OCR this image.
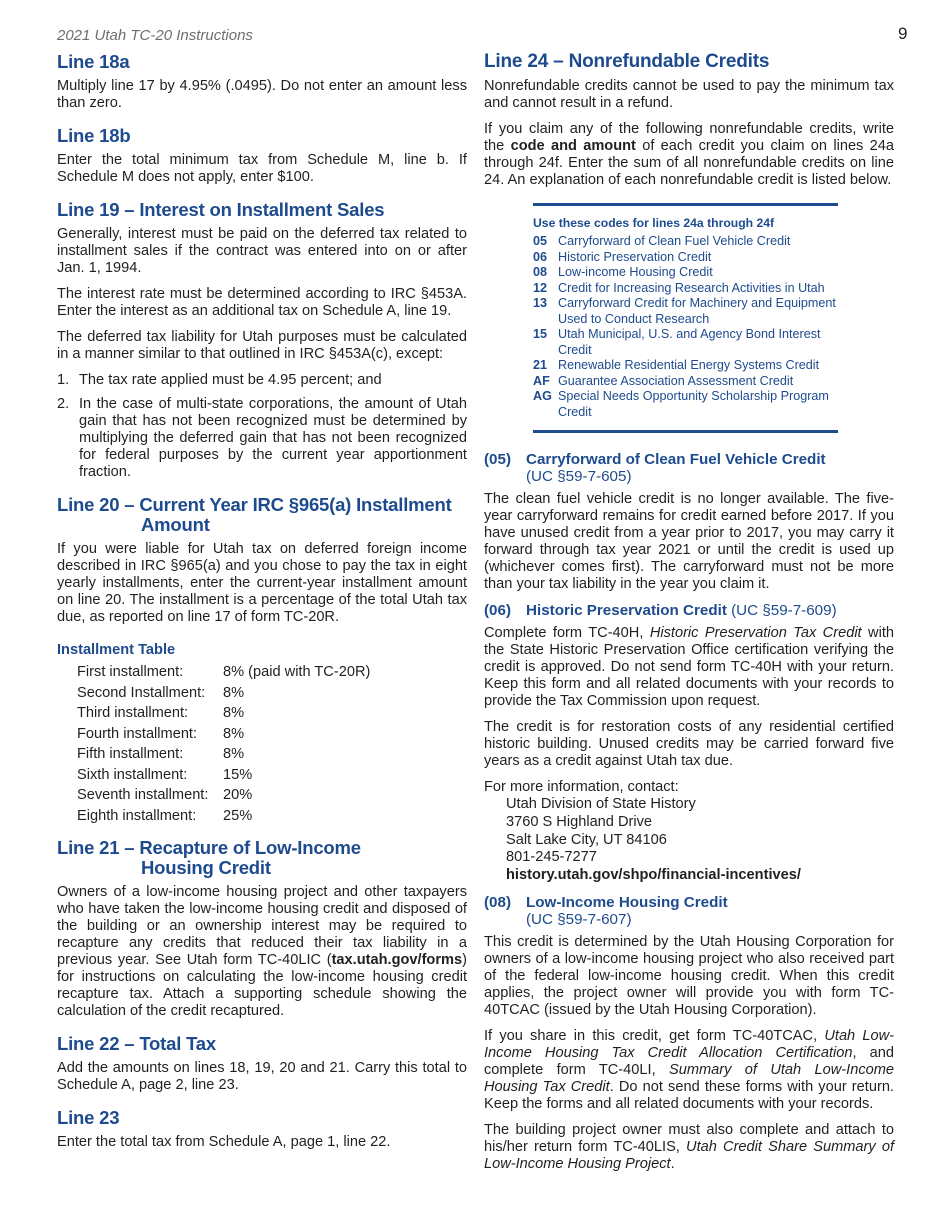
2021 Utah TC-20 Instructions	9
Line 18a

Multiply line 17 by 4.95% (.0495). Do not enter an amount less than zero.

Line 18b

Enter the total minimum tax from Schedule M, line b. If Schedule M does not apply, enter $100.

Line 19 – Interest on Installment Sales

Generally, interest must be paid on the deferred tax related to installment sales if the contract was entered into on or after Jan. 1, 1994.

The interest rate must be determined according to IRC §453A. Enter the interest as an additional tax on Schedule A, line 19.

The deferred tax liability for Utah purposes must be calculated in a manner similar to that outlined in IRC §453A(c), except:

1. The tax rate applied must be 4.95 percent; and
2. In the case of multi-state corporations, the amount of Utah gain that has not been recognized must be determined by multiplying the deferred gain that has not been recognized for federal purposes by the current year apportionment fraction.
Line 20 – Current Year IRC §965(a) Installment
Amount

If you were liable for Utah tax on deferred foreign income described in IRC §965(a) and you chose to pay the tax in eight yearly installments, enter the current-year installment amount on line 20. The installment is a percentage of the total Utah tax due, as reported on line 17 of form TC-20R.

Installment Table
First installment:	8% (paid with TC-20R)
Second Installment:	8%
Third installment:	8%
Fourth installment:	8%
Fifth installment:	8%
Sixth installment:	15%
Seventh installment:	20%
Eighth installment:	25%
Line 21 – Recapture of Low-Income
Housing Credit

Owners of a low-income housing project and other taxpayers who have taken the low-income housing credit and disposed of the building or an ownership interest may be required to recapture any credits that reduced their tax liability in a previous year. See Utah form TC-40LIC (tax.utah.gov/forms) for instructions on calculating the low-income housing credit recapture tax. Attach a supporting schedule showing the calculation of the credit recaptured.

Line 22 – Total Tax

Add the amounts on lines 18, 19, 20 and 21. Carry this total to Schedule A, page 2, line 23.

Line 23

Enter the total tax from Schedule A, page 1, line 22.

Line 24 – Nonrefundable Credits

Nonrefundable credits cannot be used to pay the minimum tax and cannot result in a refund.

If you claim any of the following nonrefundable credits, write the code and amount of each credit you claim on lines 24a through 24f. Enter the sum of all nonrefundable credits on line 24. An explanation of each nonrefundable credit is listed below.

Use these codes for lines 24a through 24f
05 Carryforward of Clean Fuel Vehicle Credit
06 Historic Preservation Credit
08 Low-income Housing Credit
12 Credit for Increasing Research Activities in Utah
13 Carryforward Credit for Machinery and Equipment Used to Conduct Research
15 Utah Municipal, U.S. and Agency Bond Interest Credit
21 Renewable Residential Energy Systems Credit
AF Guarantee Association Assessment Credit
AG Special Needs Opportunity Scholarship Program Credit
(05) Carryforward of Clean Fuel Vehicle Credit
(UC §59-7-605)

The clean fuel vehicle credit is no longer available. The five-year carryforward remains for credit earned before 2017. If you have unused credit from a year prior to 2017, you may carry it forward through tax year 2021 or until the credit is used up (whichever comes first). The carryforward must not be more than your tax liability in the year you claim it.

(06) Historic Preservation Credit (UC §59-7-609)

Complete form TC-40H, Historic Preservation Tax Credit with the State Historic Preservation Office certification verifying the credit is approved. Do not send form TC-40H with your return. Keep this form and all related documents with your records to provide the Tax Commission upon request.

The credit is for restoration costs of any residential certified historic building. Unused credits may be carried forward five years as a credit against Utah tax due.

For more information, contact:

Utah Division of State History
3760 S Highland Drive
Salt Lake City, UT 84106
801-245-7277
history.utah.gov/shpo/financial-incentives/
(08) Low-Income Housing Credit
(UC §59-7-607)

This credit is determined by the Utah Housing Corporation for owners of a low-income housing project who also received part of the federal low-income housing credit. When this credit applies, the project owner will provide you with form TC-40TCAC (issued by the Utah Housing Corporation).

If you share in this credit, get form TC-40TCAC, Utah Low-Income Housing Tax Credit Allocation Certification, and complete form TC-40LI, Summary of Utah Low-Income Housing Tax Credit. Do not send these forms with your return. Keep the forms and all related documents with your records.

The building project owner must also complete and attach to his/her return form TC-40LIS, Utah Credit Share Summary of Low-Income Housing Project.
